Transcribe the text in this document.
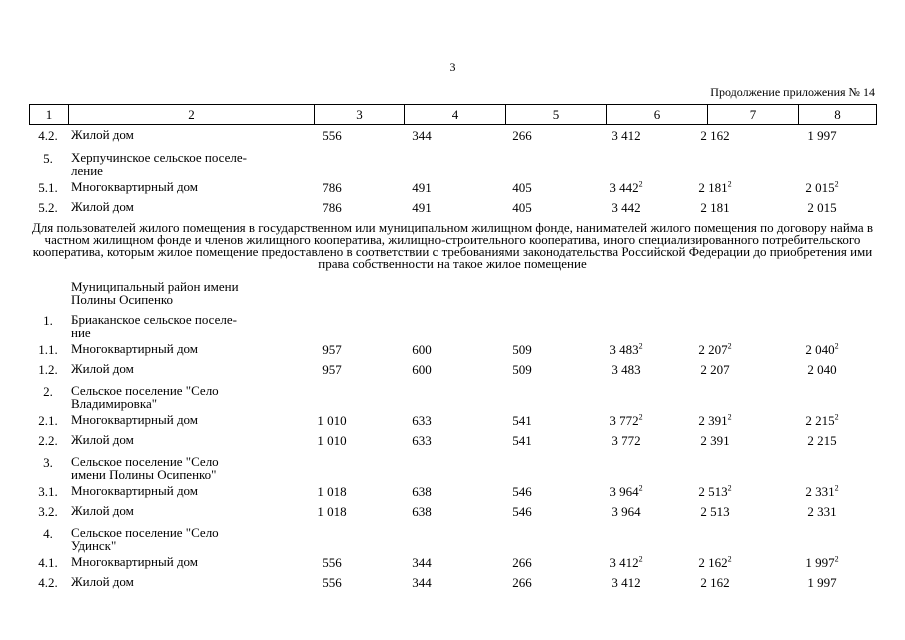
3
Продолжение приложения № 14
1	2	3	4	5	6	7	8
4.2.	Жилой дом	556	344	266	3 412	2 162	1 997
5.	Херпучинское сельское поселе-
ление
5.1.	Многоквартирный дом	786	491	405	3 $442^2$	2 $181^2$	2 $015^2$
5.2.	Жилой дом	786	491	405	3 442	2 181	2 015
Для пользователей жилого помещения в государственном или муниципальном жилищном фонде, нанимателей жилого помещения по договору найма в частном жилищном фонде и членов жилищного кооператива, жилищно-строительного кооператива, иного специализированного потребительского кооператива, которым жилое помещение предоставлено в соответствии с требованиями законодательства Российской Федерации до приобретения ими права собственности на такое жилое помещение
Муниципальный район имени
Полины Осипенко
1.	Бриаканское сельское поселе-
ние
1.1.	Многоквартирный дом	957	600	509	3 $483^2$	2 $207^2$	2 $040^2$
1.2.	Жилой дом	957	600	509	3 483	2 207	2 040
2.	Сельское поселение "Село
Владимировка"
2.1.	Многоквартирный дом	1 010	633	541	3 $772^2$	2 $391^2$	2 $215^2$
2.2.	Жилой дом	1 010	633	541	3 772	2 391	2 215
3.	Сельское поселение "Село
имени Полины Осипенко"
3.1.	Многоквартирный дом	1 018	638	546	3 $964^2$	2 $513^2$	2 $331^2$
3.2.	Жилой дом	1 018	638	546	3 964	2 513	2 331
4.	Сельское поселение "Село
Удинск"
4.1.	Многоквартирный дом	556	344	266	3 $412^2$	2 $162^2$	1 $997^2$
4.2.	Жилой дом	556	344	266	3 412	2 162	1 997
